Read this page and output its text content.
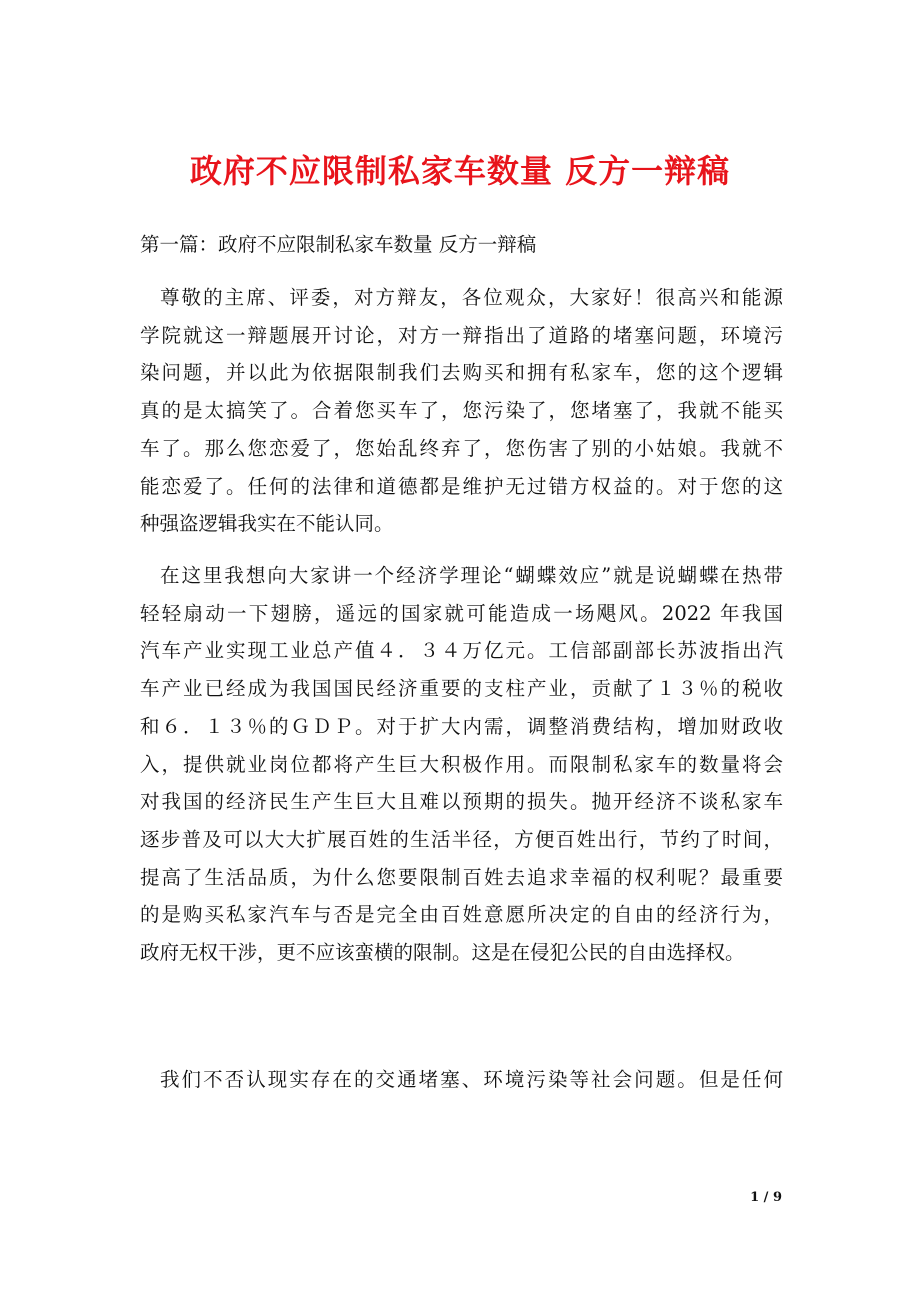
政府不应限制私家车数量 反方一辩稿
第一篇：政府不应限制私家车数量 反方一辩稿
尊敬的主席、评委，对方辩友，各位观众，大家好！很高兴和能源
学院就这一辩题展开讨论，对方一辩指出了道路的堵塞问题，环境污
染问题，并以此为依据限制我们去购买和拥有私家车，您的这个逻辑
真的是太搞笑了。合着您买车了，您污染了，您堵塞了，我就不能买
车了。那么您恋爱了，您始乱终弃了，您伤害了别的小姑娘。我就不
能恋爱了。任何的法律和道德都是维护无过错方权益的。对于您的这
种强盗逻辑我实在不能认同。
在这里我想向大家讲一个经济学理论“蝴蝶效应”就是说蝴蝶在热带
轻轻扇动一下翅膀，遥远的国家就可能造成一场飓风。2022 年我国
汽车产业实现工业总产值４．３４万亿元。工信部副部长苏波指出汽
车产业已经成为我国国民经济重要的支柱产业，贡献了１３％的税收
和６．１３％的ＧＤＰ。对于扩大内需，调整消费结构，增加财政收
入，提供就业岗位都将产生巨大积极作用。而限制私家车的数量将会
对我国的经济民生产生巨大且难以预期的损失。抛开经济不谈私家车
逐步普及可以大大扩展百姓的生活半径，方便百姓出行，节约了时间，
提高了生活品质，为什么您要限制百姓去追求幸福的权利呢？最重要
的是购买私家汽车与否是完全由百姓意愿所决定的自由的经济行为，
政府无权干涉，更不应该蛮横的限制。这是在侵犯公民的自由选择权。
我们不否认现实存在的交通堵塞、环境污染等社会问题。但是任何
1 / 9
